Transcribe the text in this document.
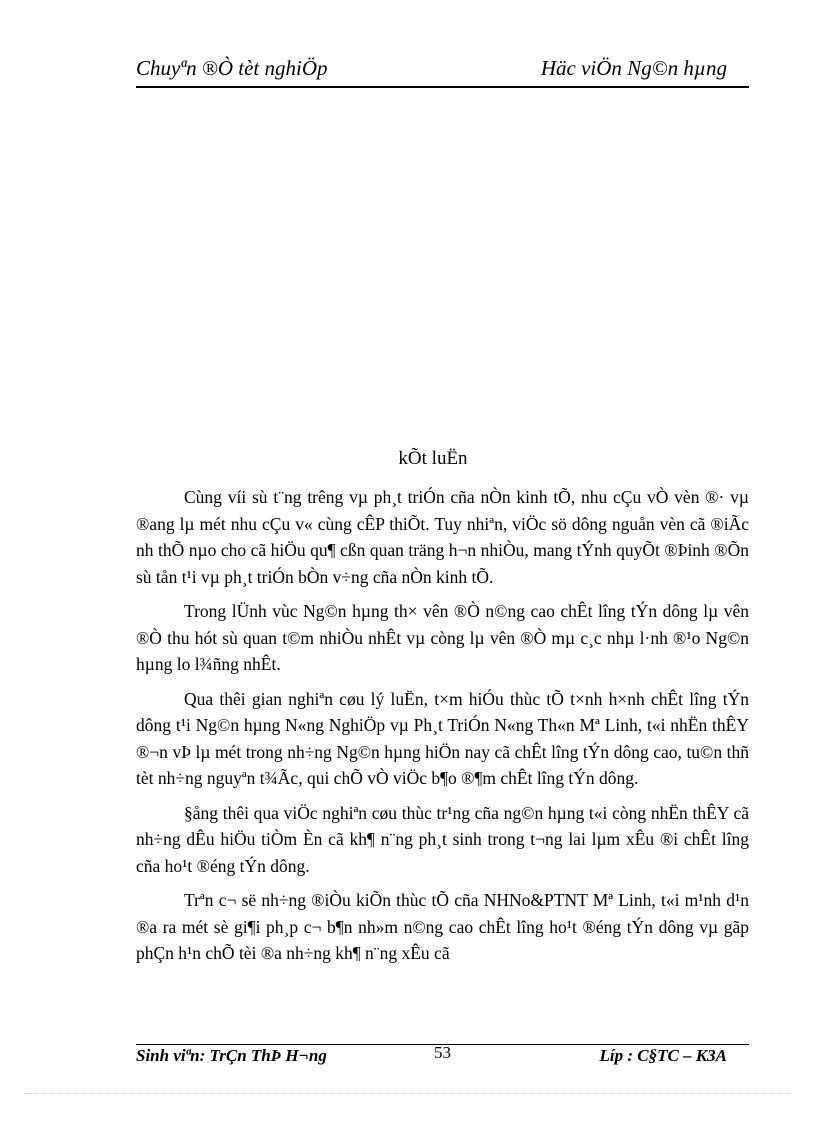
Chuyªn ®Ò tèt nghiÖp	Häc viÖn Ng©n hµng
kÕt luËn

Cùng víi sù t¨ng trêng vµ ph¸t triÓn cña nÒn kinh tÕ, nhu cÇu vÒ vèn ®· vµ ®ang lµ mét nhu cÇu v« cùng cÊP thiÕt. Tuy nhiªn, viÖc sö dông nguån vèn cã ®iÃc nh thÕ nµo cho cã hiÖu qu¶ cßn quan träng h¬n nhiÒu, mang tÝnh quyÕt ®Þinh ®Õn sù tån t¹i vµ ph¸t triÓn bÒn v÷ng cña nÒn kinh tÕ.

Trong lÜnh vùc Ng©n hµng th× vên ®Ò n©ng cao chÊt lîng tÝn dông lµ vên ®Ò thu hót sù quan t©m nhiÒu nhÊt vµ còng lµ vên ®Ò mµ c¸c nhµ l·nh ®¹o Ng©n hµng lo l¾ñng nhÊt.

Qua thêi gian nghiªn cøu lý luËn, t×m hiÓu thùc tÕ t×nh h×nh chÊt lîng tÝn dông t¹i Ng©n hµng N«ng NghiÖp vµ Ph¸t TriÓn N«ng Th«n Mª Linh, t«i nhËn thÊY ®¬n vÞ lµ mét trong nh÷ng Ng©n hµng hiÖn nay cã chÊt lîng tÝn dông cao, tu©n thñ tèt nh÷ng nguyªn t¾Ãc, qui chÕ vÒ viÖc b¶o ®¶m chÊt lîng tÝn dông.

§ång thêi qua viÖc nghiªn cøu thùc tr¹ng cña ng©n hµng t«i còng nhËn thÊY cã nh÷ng dÊu hiÖu tiÒm Èn cã kh¶ n¨ng ph¸t sinh trong t¬ng lai lµm xÊu ®i chÊt lîng cña ho¹t ®éng tÝn dông.

Trªn c¬ së nh÷ng ®iÒu kiÕn thùc tÕ cña NHNo&PTNT Mª Linh, t«i m¹nh d¹n ®a ra mét sè gi¶i ph¸p c¬ b¶n nh»m n©ng cao chÊt lîng ho¹t ®éng tÝn dông vµ gãp phÇn h¹n chÕ tèi ®a nh÷ng kh¶ n¨ng xÊu cã

Sinh viªn: TrÇn ThÞ H¬ng	53	Líp : C§TC – K3A
